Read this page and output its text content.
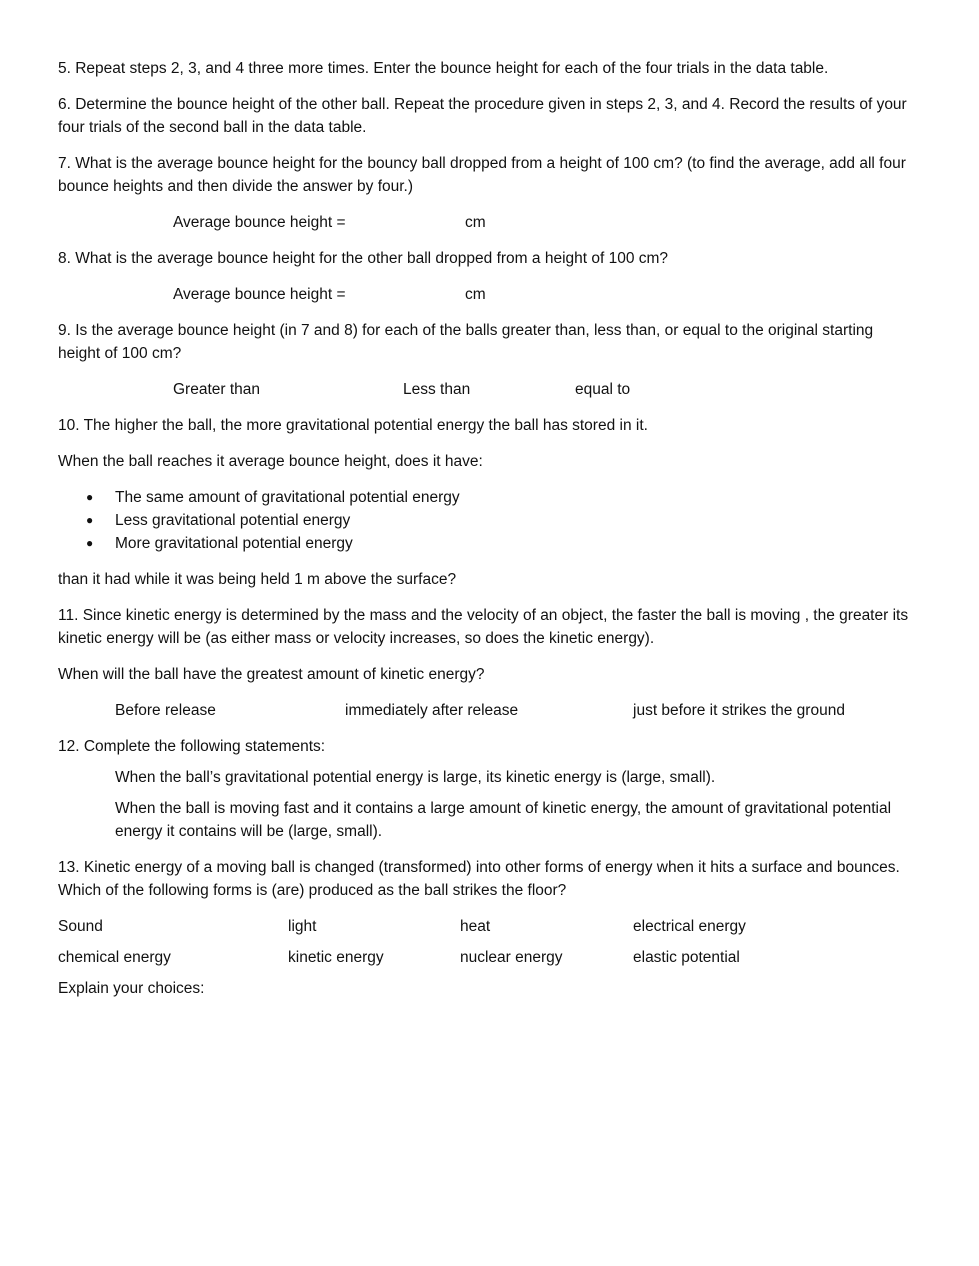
5. Repeat steps 2, 3, and 4 three more times. Enter the bounce height for each of the four trials in the data table.

6. Determine the bounce height of the other ball. Repeat the procedure given in steps 2, 3, and 4. Record the results of your four trials of the second ball in the data table.

7. What is the average bounce height for the bouncy ball dropped from a height of 100 cm? (to find the average, add all four bounce heights and then divide the answer by four.)

Average bounce height =	cm

8. What is the average bounce height for the other ball dropped from a height of 100 cm?

Average bounce height =	cm

9. Is the average bounce height (in 7 and 8) for each of the balls greater than, less than, or equal to the original starting height of 100 cm?

Greater than	Less than	equal to

10. The higher the ball, the more gravitational potential energy the ball has stored in it.

When the ball reaches it average bounce height, does it have:

● The same amount of gravitational potential energy
● Less gravitational potential energy
● More gravitational potential energy

than it had while it was being held 1 m above the surface?

11. Since kinetic energy is determined by the mass and the velocity of an object, the faster the ball is moving , the greater its kinetic energy will be (as either mass or velocity increases, so does the kinetic energy).

When will the ball have the greatest amount of kinetic energy?

Before release	immediately after release	just before it strikes the ground

12. Complete the following statements:

When the ball’s gravitational potential energy is large, its kinetic energy is (large, small).

When the ball is moving fast and it contains a large amount of kinetic energy, the amount of gravitational potential energy it contains will be (large, small).

13. Kinetic energy of a moving ball is changed (transformed) into other forms of energy when it hits a surface and bounces. Which of the following forms is (are) produced as the ball strikes the floor?

Sound	light	heat	electrical energy
chemical energy	kinetic energy	nuclear energy	elastic potential

Explain your choices:
